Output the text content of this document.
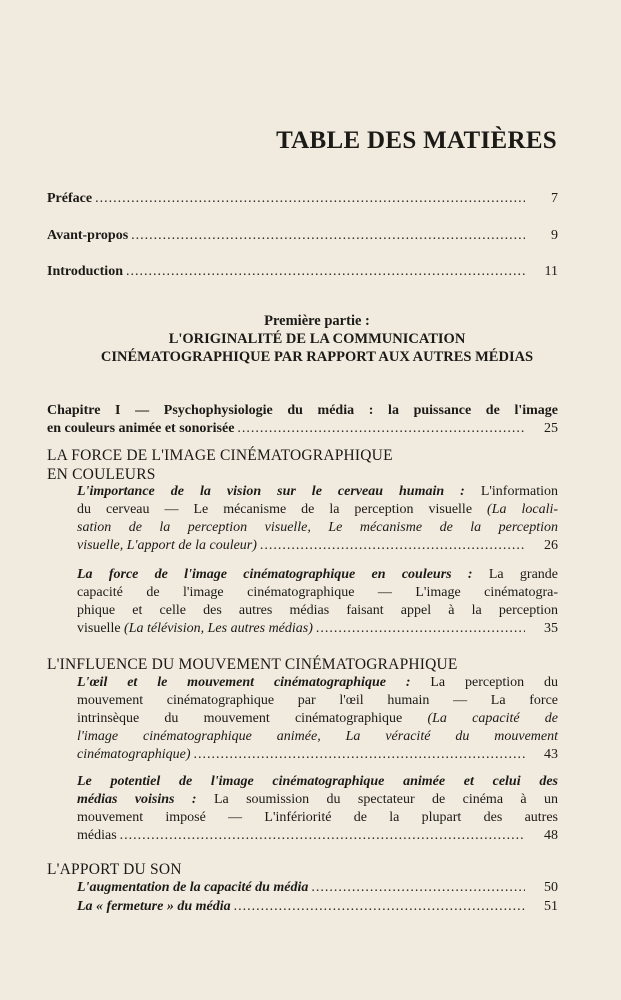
TABLE DES MATIÈRES
Préface .....	7
Avant-propos .....	9
Introduction .....	11
Première partie :
L'ORIGINALITÉ DE LA COMMUNICATION
CINÉMATOGRAPHIQUE PAR RAPPORT AUX AUTRES MÉDIAS
Chapitre I — Psychophysiologie du média : la puissance de l'image
en couleurs animée et sonorisée .....	25
LA FORCE DE L'IMAGE CINÉMATOGRAPHIQUE
EN COULEURS
L'importance de la vision sur le cerveau humain : L'information
du cerveau — Le mécanisme de la perception visuelle (La locali-
sation de la perception visuelle, Le mécanisme de la perception
visuelle, L'apport de la couleur) .....	26
La force de l'image cinématographique en couleurs : La grande
capacité de l'image cinématographique — L'image cinématogra-
phique et celle des autres médias faisant appel à la perception
visuelle (La télévision, Les autres médias) .....	35
L'INFLUENCE DU MOUVEMENT CINÉMATOGRAPHIQUE
L'œil et le mouvement cinématographique : La perception du
mouvement cinématographique par l'œil humain — La force
intrinsèque du mouvement cinématographique (La capacité de
l'image cinématographique animée, La véracité du mouvement
cinématographique) .....	43
Le potentiel de l'image cinématographique animée et celui des
médias voisins : La soumission du spectateur de cinéma à un
mouvement imposé — L'infériorité de la plupart des autres
médias .....	48
L'APPORT DU SON
L'augmentation de la capacité du média .....	50
La « fermeture » du média .....	51
